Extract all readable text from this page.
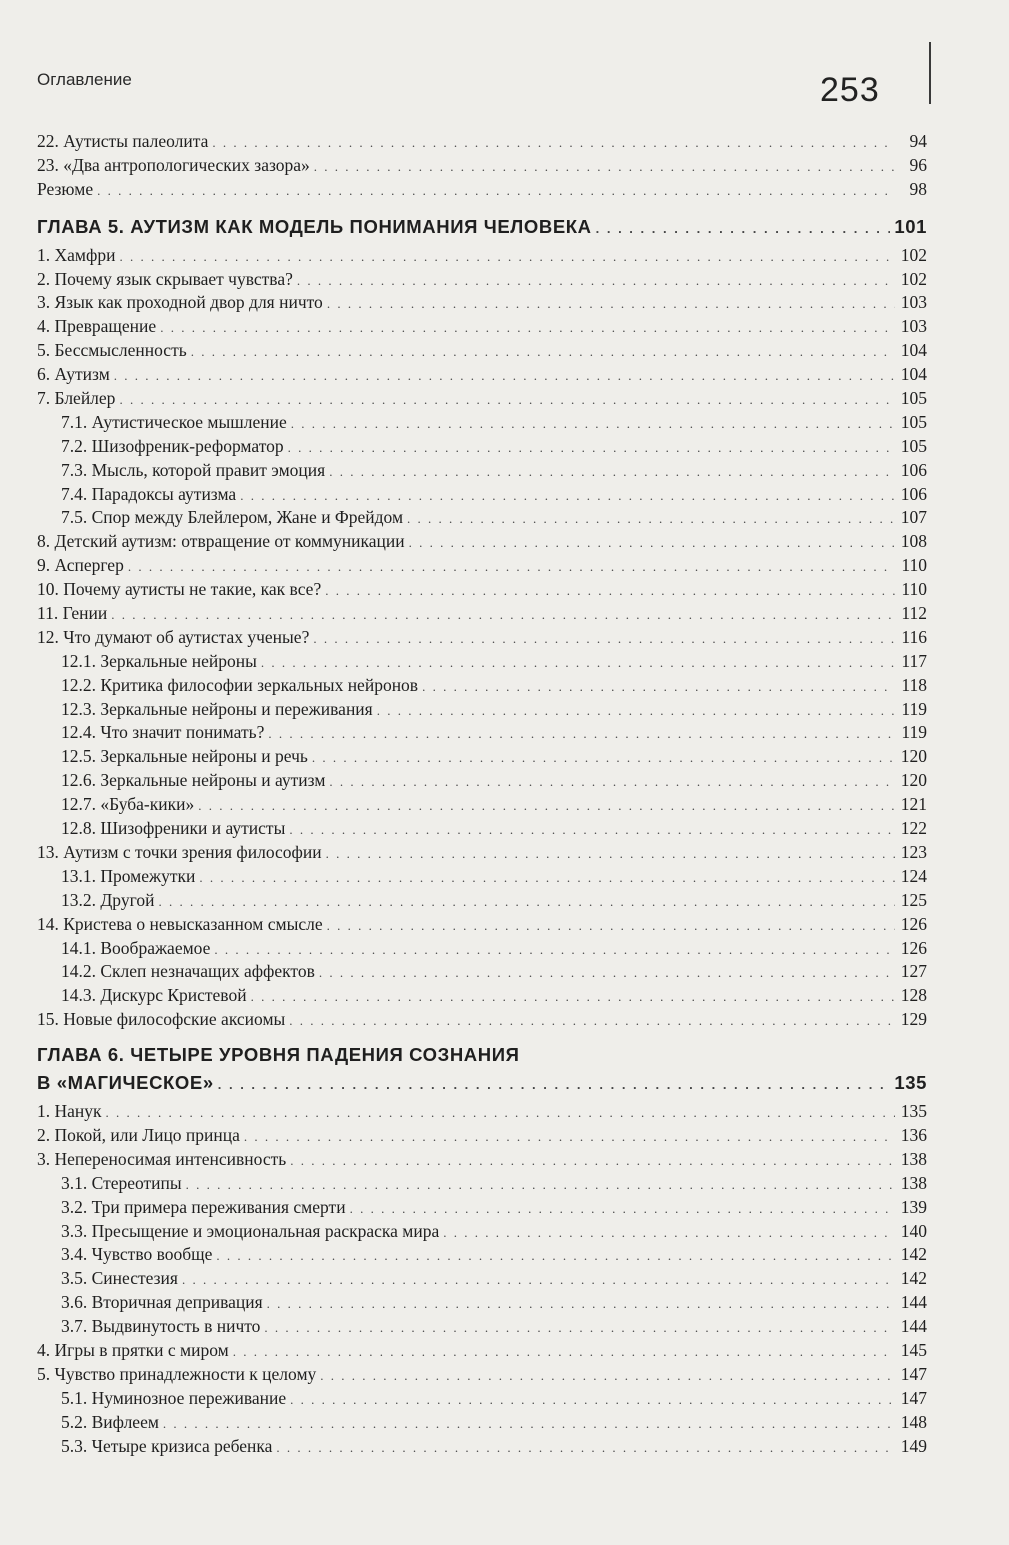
Оглавление	253
22. Аутисты палеолита . . .	94
23. «Два антропологических зазора» . . .	96
Резюме . . .	98
ГЛАВА 5. АУТИЗМ КАК МОДЕЛЬ ПОНИМАНИЯ ЧЕЛОВЕКА . . .	101
1. Хамфри . . .	102
2. Почему язык скрывает чувства? . . .	102
3. Язык как проходной двор для ничто . . .	103
4. Превращение . . .	103
5. Бессмысленность . . .	104
6. Аутизм . . .	104
7. Блейлер . . .	105
7.1. Аутистическое мышление . . .	105
7.2. Шизофреник-реформатор . . .	105
7.3. Мысль, которой правит эмоция . . .	106
7.4. Парадоксы аутизма . . .	106
7.5. Спор между Блейлером, Жане и Фрейдом . . .	107
8. Детский аутизм: отвращение от коммуникации . . .	108
9. Аспергер . . .	110
10. Почему аутисты не такие, как все? . . .	110
11. Гении . . .	112
12. Что думают об аутистах ученые? . . .	116
12.1. Зеркальные нейроны . . .	117
12.2. Критика философии зеркальных нейронов . . .	118
12.3. Зеркальные нейроны и переживания . . .	119
12.4. Что значит понимать? . . .	119
12.5. Зеркальные нейроны и речь . . .	120
12.6. Зеркальные нейроны и аутизм . . .	120
12.7. «Буба-кики» . . .	121
12.8. Шизофреники и аутисты . . .	122
13. Аутизм с точки зрения философии . . .	123
13.1. Промежутки . . .	124
13.2. Другой . . .	125
14. Кристева о невысказанном смысле . . .	126
14.1. Воображаемое . . .	126
14.2. Склеп незначащих аффектов . . .	127
14.3. Дискурс Кристевой . . .	128
15. Новые философские аксиомы . . .	129
ГЛАВА 6. ЧЕТЫРЕ УРОВНЯ ПАДЕНИЯ СОЗНАНИЯ
В «МАГИЧЕСКОЕ» . . .	135
1. Нанук . . .	135
2. Покой, или Лицо принца . . .	136
3. Непереносимая интенсивность . . .	138
3.1. Стереотипы . . .	138
3.2. Три примера переживания смерти . . .	139
3.3. Пресыщение и эмоциональная раскраска мира . . .	140
3.4. Чувство вообще . . .	142
3.5. Синестезия . . .	142
3.6. Вторичная депривация . . .	144
3.7. Выдвинутость в ничто . . .	144
4. Игры в прятки с миром . . .	145
5. Чувство принадлежности к целому . . .	147
5.1. Нуминозное переживание . . .	147
5.2. Вифлеем . . .	148
5.3. Четыре кризиса ребенка . . .	149
